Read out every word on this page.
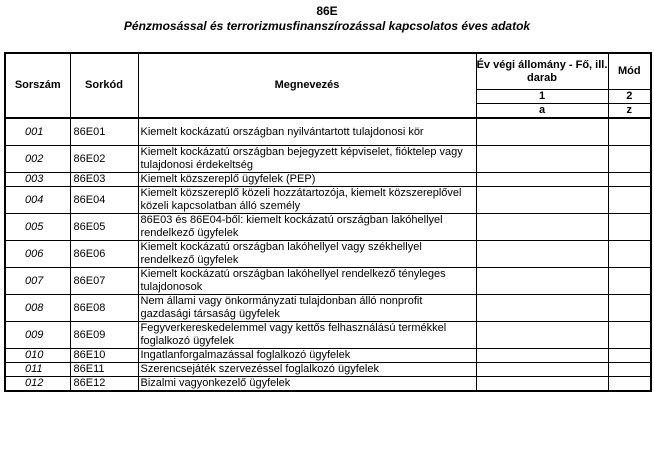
86E
Pénzmosással és terrorizmusfinanszírozással kapcsolatos éves adatok
Sorszám	Sorkód	Megnevezés	Év végi állomány - Fő, ill. darab	Mód
			1	2
			a	z
001	86E01	Kiemelt kockázatú országban nyilvántartott tulajdonosi kör		
002	86E02	Kiemelt kockázatú országban bejegyzett képviselet, fióktelep vagy tulajdonosi érdekeltség		
003	86E03	Kiemelt közszereplő ügyfelek (PEP)		
004	86E04	Kiemelt közszereplő közeli hozzátartozója, kiemelt közszereplővel közeli kapcsolatban álló személy		
005	86E05	86E03 és 86E04-ből: kiemelt kockázatú országban lakóhellyel rendelkező ügyfelek		
006	86E06	Kiemelt kockázatú országban lakóhellyel vagy székhellyel rendelkező ügyfelek		
007	86E07	Kiemelt kockázatú országban lakóhellyel rendelkező tényleges tulajdonosok		
008	86E08	Nem állami vagy önkormányzati tulajdonban álló nonprofit gazdasági társaság ügyfelek		
009	86E09	Fegyverkereskedelemmel vagy kettős felhasználású termékkel foglalkozó ügyfelek		
010	86E10	Ingatlanforgalmazással foglalkozó ügyfelek		
011	86E11	Szerencsejáték szervezéssel foglalkozó ügyfelek		
012	86E12	Bizalmi vagyonkezelő ügyfelek		
